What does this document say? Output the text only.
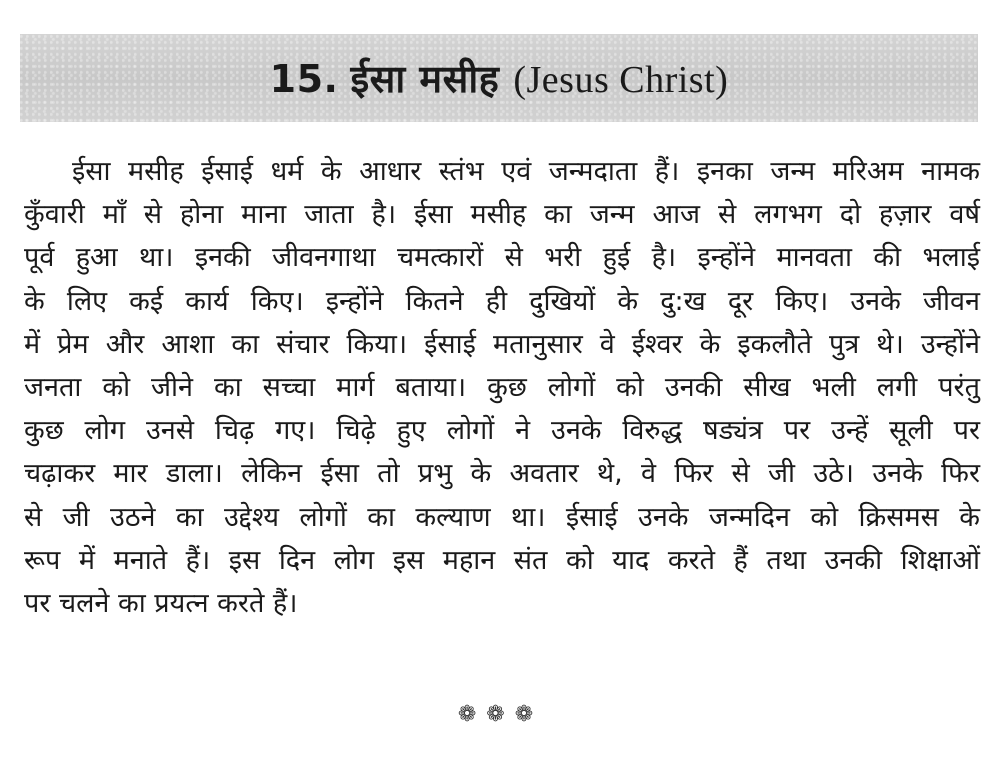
15. ईसा मसीह (Jesus Christ)
ईसा मसीह ईसाई धर्म के आधार स्तंभ एवं जन्मदाता हैं। इनका जन्म मरिअम नामक
कुँवारी माँ से होना माना जाता है। ईसा मसीह का जन्म आज से लगभग दो हज़ार वर्ष
पूर्व हुआ था। इनकी जीवनगाथा चमत्कारों से भरी हुई है। इन्होंने मानवता की भलाई
के लिए कई कार्य किए। इन्होंने कितने ही दुखियों के दु:ख दूर किए। उनके जीवन
में प्रेम और आशा का संचार किया। ईसाई मतानुसार वे ईश्वर के इकलौते पुत्र थे। उन्होंने
जनता को जीने का सच्चा मार्ग बताया। कुछ लोगों को उनकी सीख भली लगी परंतु
कुछ लोग उनसे चिढ़ गए। चिढ़े हुए लोगों ने उनके विरुद्ध षड्यंत्र पर उन्हें सूली पर
चढ़ाकर मार डाला। लेकिन ईसा तो प्रभु के अवतार थे, वे फिर से जी उठे। उनके फिर
से जी उठने का उद्देश्य लोगों का कल्याण था। ईसाई उनके जन्मदिन को क्रिसमस के
रूप में मनाते हैं। इस दिन लोग इस महान संत को याद करते हैं तथा उनकी शिक्षाओं
पर चलने का प्रयत्न करते हैं।
❁❁❁
